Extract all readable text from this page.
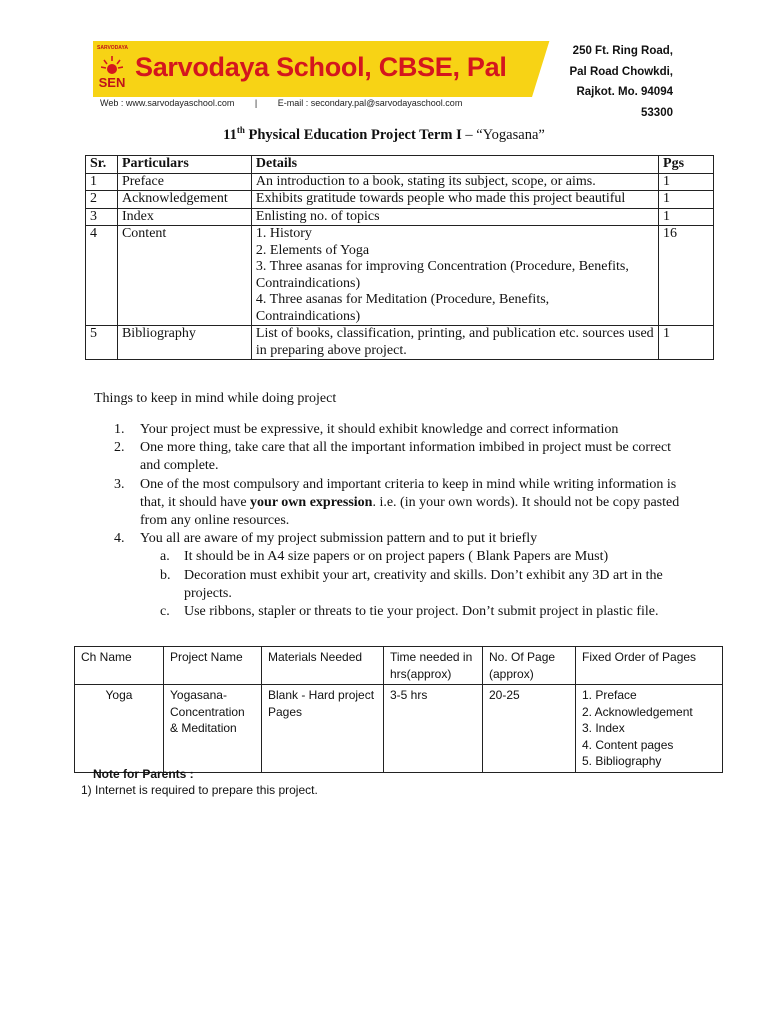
SARVODAYA
SEN
Sarvodaya School, CBSE, Pal
250 Ft. Ring Road,
Pal Road Chowkdi,
Rajkot. Mo. 94094 53300
Web : www.sarvodayaschool.com | E-mail : secondary.pal@sarvodayaschool.com
11th Physical Education Project Term I – “Yogasana”
Sr.	Particulars	Details	Pgs
1	Preface	An introduction to a book, stating its subject, scope, or aims.	1
2	Acknowledgement	Exhibits gratitude towards people who made this project beautiful	1
3	Index	Enlisting no. of topics	1
4	Content	1. History
2. Elements of Yoga
3. Three asanas for improving Concentration (Procedure, Benefits, Contraindications)
4. Three asanas for Meditation (Procedure, Benefits, Contraindications)	16
5	Bibliography	List of books, classification, printing, and publication etc. sources used in preparing above project.	1
Things to keep in mind while doing project
1. Your project must be expressive, it should exhibit knowledge and correct information
2. One more thing, take care that all the important information imbibed in project must be correct and complete.
3. One of the most compulsory and important criteria to keep in mind while writing information is that, it should have your own expression. i.e. (in your own words). It should not be copy pasted from any online resources.
4. You all are aware of my project submission pattern and to put it briefly
a. It should be in A4 size papers or on project papers ( Blank Papers are Must)
b. Decoration must exhibit your art, creativity and skills. Don’t exhibit any 3D art in the projects.
c. Use ribbons, stapler or threats to tie your project. Don’t submit project in plastic file.
Ch Name	Project Name	Materials Needed	Time needed in hrs(approx)	No. Of Page (approx)	Fixed Order of Pages
Yoga	Yogasana-Concentration & Meditation	Blank - Hard project Pages	3-5 hrs	20-25	1. Preface
2. Acknowledgement
3. Index
4. Content pages
5. Bibliography
Note for Parents :
1) Internet is required to prepare this project.
